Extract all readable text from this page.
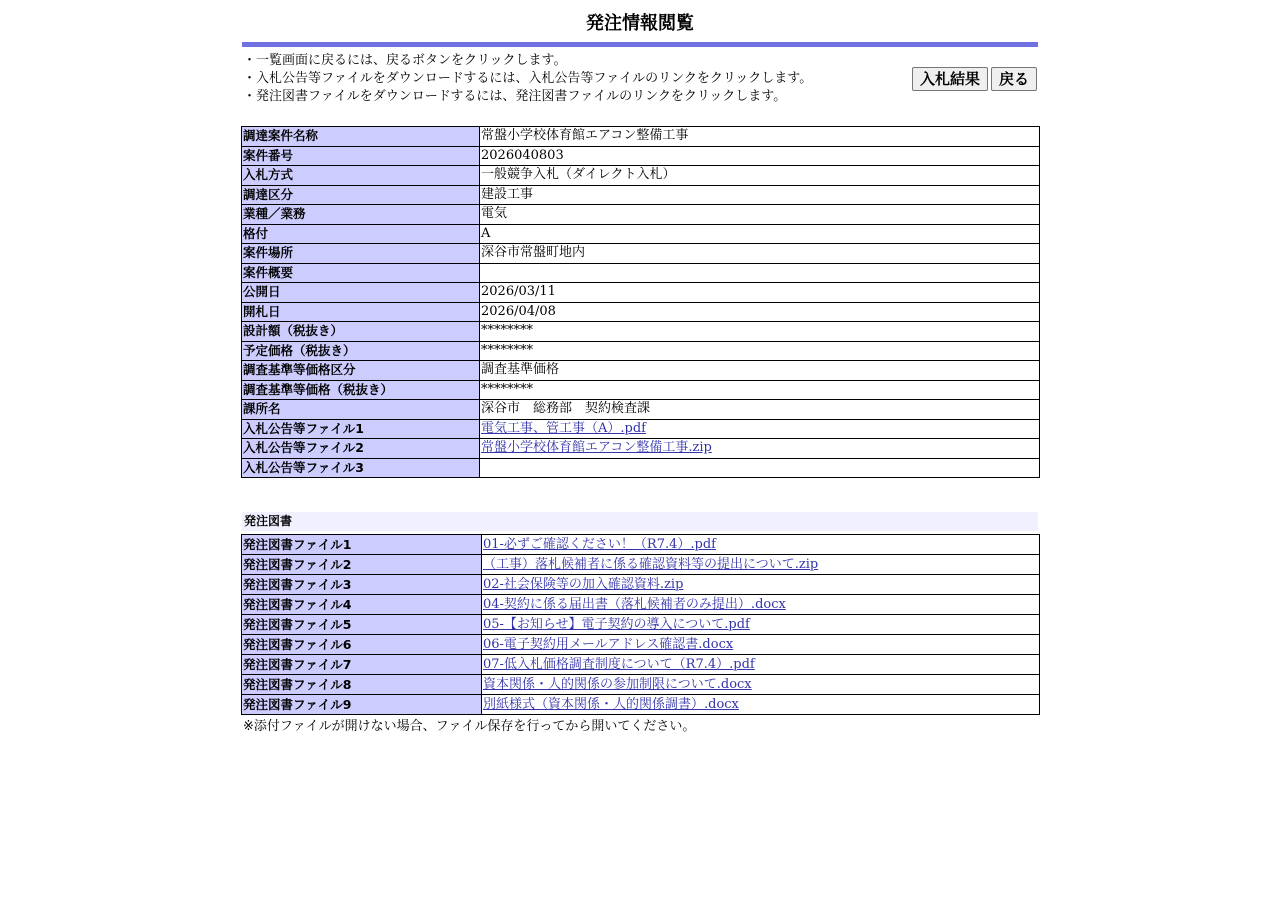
発注情報閲覧
・一覧画面に戻るには、戻るボタンをクリックします。
・入札公告等ファイルをダウンロードするには、入札公告等ファイルのリンクをクリックします。
・発注図書ファイルをダウンロードするには、発注図書ファイルのリンクをクリックします。
入札結果	戻る
調達案件名称	常盤小学校体育館エアコン整備工事
案件番号	2026040803
入札方式	一般競争入札（ダイレクト入札）
調達区分	建設工事
業種／業務	電気
格付	A
案件場所	深谷市常盤町地内
案件概要	
公開日	2026/03/11
開札日	2026/04/08
設計額（税抜き）	********
予定価格（税抜き）	********
調査基準等価格区分	調査基準価格
調査基準等価格（税抜き）	********
課所名	深谷市　総務部　契約検査課
入札公告等ファイル1	電気工事、管工事（A）.pdf
入札公告等ファイル2	常盤小学校体育館エアコン整備工事.zip
入札公告等ファイル3	
発注図書
発注図書ファイル1	01-必ずご確認ください！（R7.4）.pdf
発注図書ファイル2	（工事）落札候補者に係る確認資料等の提出について.zip
発注図書ファイル3	02-社会保険等の加入確認資料.zip
発注図書ファイル4	04-契約に係る届出書（落札候補者のみ提出）.docx
発注図書ファイル5	05-【お知らせ】電子契約の導入について.pdf
発注図書ファイル6	06-電子契約用メールアドレス確認書.docx
発注図書ファイル7	07-低入札価格調査制度について（R7.4）.pdf
発注図書ファイル8	資本関係・人的関係の参加制限について.docx
発注図書ファイル9	別紙様式（資本関係・人的関係調書）.docx
※添付ファイルが開けない場合、ファイル保存を行ってから開いてください。
